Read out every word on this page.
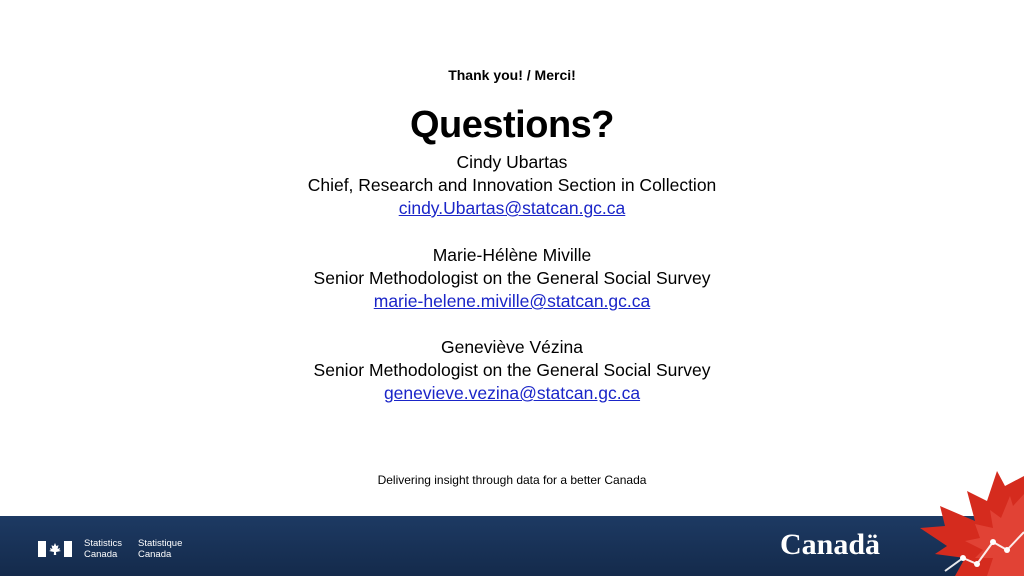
Thank you! / Merci!
Questions?
Cindy Ubartas
Chief, Research and Innovation Section in Collection
cindy.Ubartas@statcan.gc.ca
Marie-Hélène Miville
Senior Methodologist on the General Social Survey
marie-helene.miville@statcan.gc.ca
Geneviève Vézina
Senior Methodologist on the General Social Survey
genevieve.vezina@statcan.gc.ca
Delivering insight through data for a better Canada
Statistics
Canada
Statistique
Canada	Canadä
